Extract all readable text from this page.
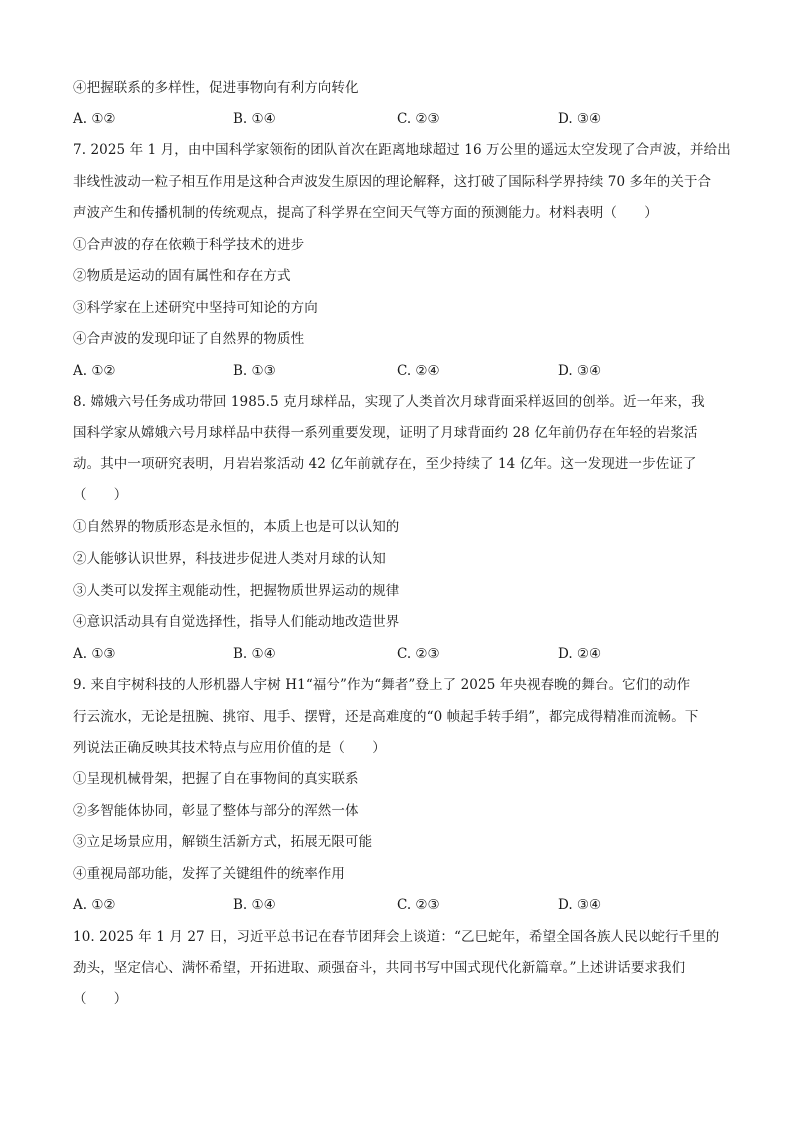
④把握联系的多样性，促进事物向有利方向转化
A. ①②	B. ①④	C. ②③	D. ③④
7. 2025 年 1 月，由中国科学家领衔的团队首次在距离地球超过 16 万公里的遥远太空发现了合声波，并给出
非线性波动一粒子相互作用是这种合声波发生原因的理论解释，这打破了国际科学界持续 70 多年的关于合
声波产生和传播机制的传统观点，提高了科学界在空间天气等方面的预测能力。材料表明（　　）
①合声波的存在依赖于科学技术的进步
②物质是运动的固有属性和存在方式
③科学家在上述研究中坚持可知论的方向
④合声波的发现印证了自然界的物质性
A. ①②	B. ①③	C. ②④	D. ③④
8. 嫦娥六号任务成功带回 1985.5 克月球样品，实现了人类首次月球背面采样返回的创举。近一年来，我
国科学家从嫦娥六号月球样品中获得一系列重要发现，证明了月球背面约 28 亿年前仍存在年轻的岩浆活
动。其中一项研究表明，月岩岩浆活动 42 亿年前就存在，至少持续了 14 亿年。这一发现进一步佐证了
（　　）
①自然界的物质形态是永恒的，本质上也是可以认知的
②人能够认识世界，科技进步促进人类对月球的认知
③人类可以发挥主观能动性，把握物质世界运动的规律
④意识活动具有自觉选择性，指导人们能动地改造世界
A. ①③	B. ①④	C. ②③	D. ②④
9. 来自宇树科技的人形机器人宇树 H1“福兮”作为“舞者”登上了 2025 年央视春晚的舞台。它们的动作
行云流水，无论是扭腕、挑帘、甩手、摆臂，还是高难度的“0 帧起手转手绢”，都完成得精准而流畅。下
列说法正确反映其技术特点与应用价值的是（　　）
①呈现机械骨架，把握了自在事物间的真实联系
②多智能体协同，彰显了整体与部分的浑然一体
③立足场景应用，解锁生活新方式，拓展无限可能
④重视局部功能，发挥了关键组件的统率作用
A. ①②	B. ①④	C. ②③	D. ③④
10. 2025 年 1 月 27 日，习近平总书记在春节团拜会上谈道：“乙巳蛇年，希望全国各族人民以蛇行千里的
劲头，坚定信心、满怀希望，开拓进取、顽强奋斗，共同书写中国式现代化新篇章。”上述讲话要求我们
（　　）
